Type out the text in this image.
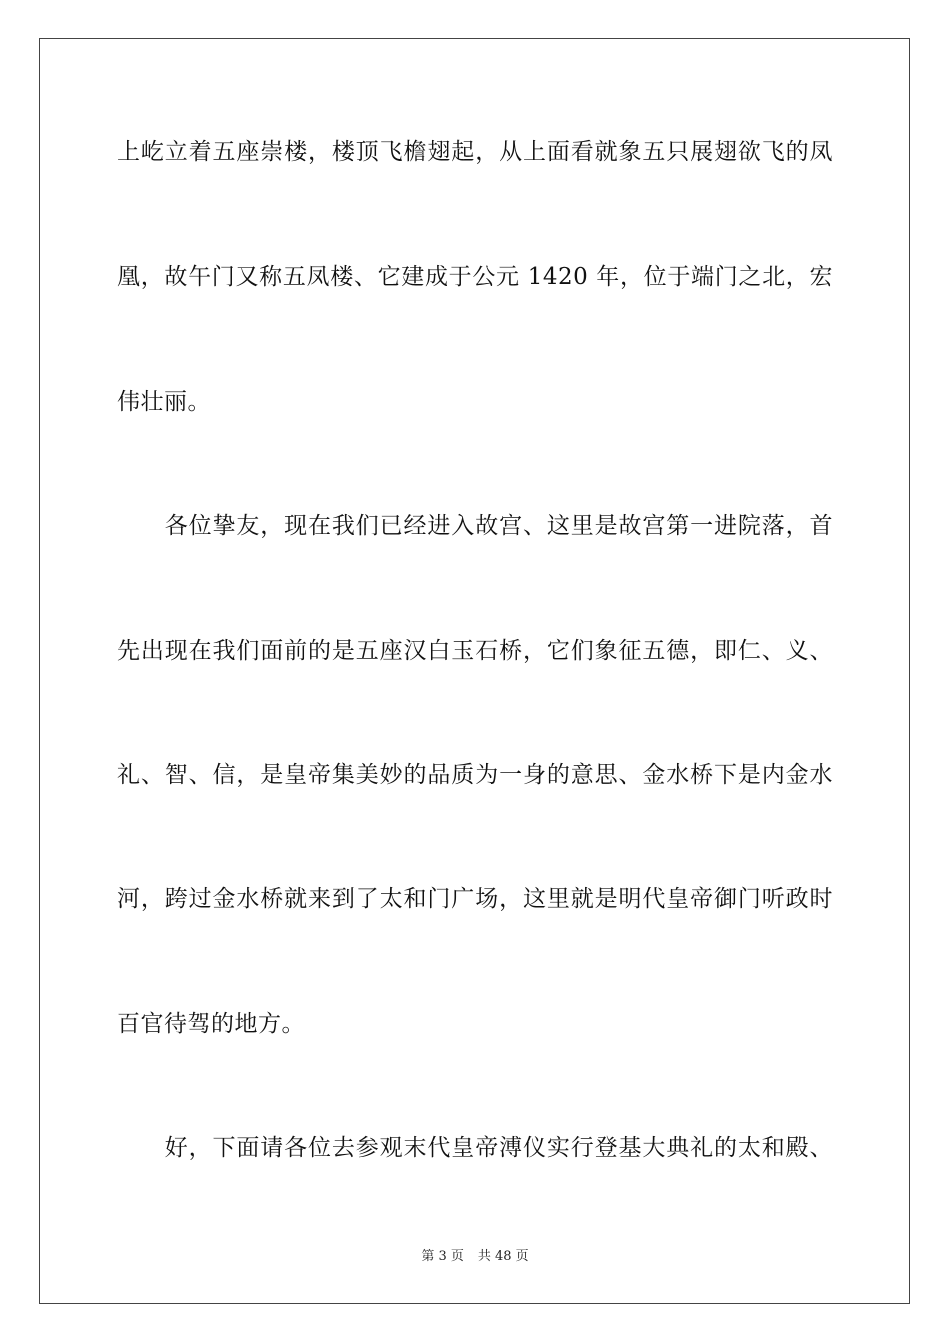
上屹立着五座崇楼，楼顶飞檐翅起，从上面看就象五只展翅欲飞的凤
凰，故午门又称五凤楼、它建成于公元 1420 年，位于端门之北，宏
伟壮丽。
　　各位挚友，现在我们已经进入故宫、这里是故宫第一进院落，首
先出现在我们面前的是五座汉白玉石桥，它们象征五德，即仁、义、
礼、智、信，是皇帝集美妙的品质为一身的意思、金水桥下是内金水
河，跨过金水桥就来到了太和门广场，这里就是明代皇帝御门听政时
百官待驾的地方。
　　好，下面请各位去参观末代皇帝溥仪实行登基大典礼的太和殿、
第 3 页 共 48 页
